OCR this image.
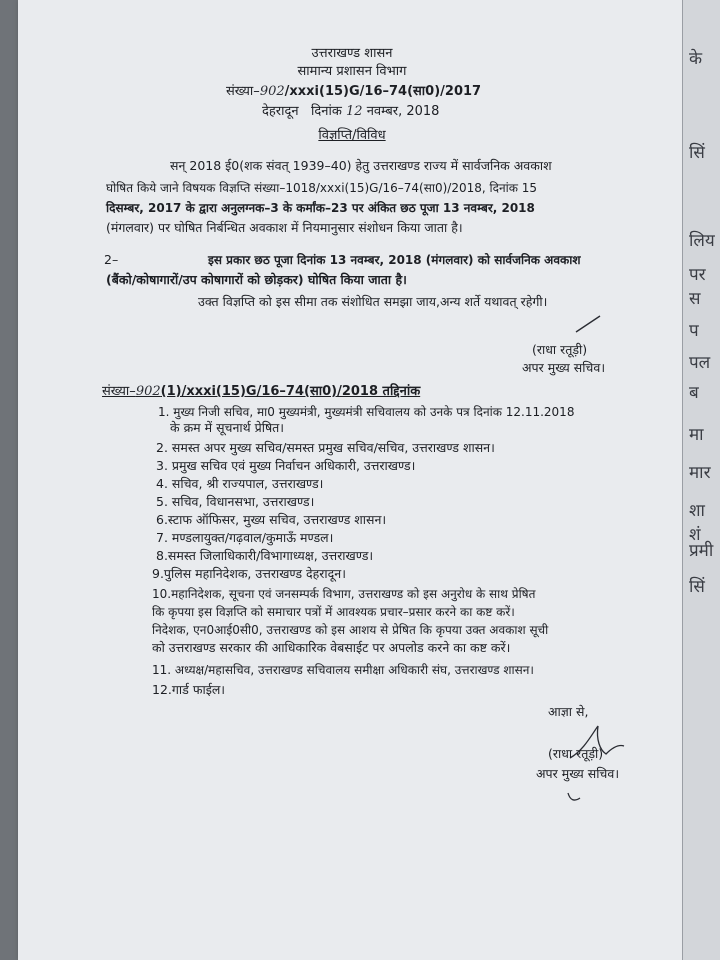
उत्तराखण्ड शासन
सामान्य प्रशासन विभाग
संख्या–902/xxxi(15)G/16–74(सा0)/2017
देहरादून दिनांक 12 नवम्बर, 2018
विज्ञप्ति/विविध
सन् 2018 ई0(शक संवत् 1939–40) हेतु उत्तराखण्ड राज्य में सार्वजनिक अवकाश
घोषित किये जाने विषयक विज्ञप्ति संख्या–1018/xxxi(15)G/16–74(सा0)/2018, दिनांक 15
दिसम्बर, 2017 के द्वारा अनुलग्नक–3 के कर्मांक–23 पर अंकित छठ पूजा 13 नवम्बर, 2018
(मंगलवार) पर घोषित निर्बन्धित अवकाश में नियमानुसार संशोधन किया जाता है।
2–	इस प्रकार छठ पूजा दिनांक 13 नवम्बर, 2018 (मंगलवार) को सार्वजनिक अवकाश
(बैंको/कोषागारों/उप कोषागारों को छोड़कर) घोषित किया जाता है।
उक्त विज्ञप्ति को इस सीमा तक संशोधित समझा जाय,अन्य शर्ते यथावत् रहेगी।
(राधा रतूड़ी)
अपर मुख्य सचिव।
संख्या–902(1)/xxxi(15)G/16–74(सा0)/2018 तद्दिनांक
1. मुख्य निजी सचिव, मा0 मुख्यमंत्री, मुख्यमंत्री सचिवालय को उनके पत्र दिनांक 12.11.2018
के क्रम में सूचनार्थ प्रेषित।
2. समस्त अपर मुख्य सचिव/समस्त प्रमुख सचिव/सचिव, उत्तराखण्ड शासन।
3. प्रमुख सचिव एवं मुख्य निर्वाचन अधिकारी, उत्तराखण्ड।
4. सचिव, श्री राज्यपाल, उत्तराखण्ड।
5. सचिव, विधानसभा, उत्तराखण्ड।
6.स्टाफ ऑफिसर, मुख्य सचिव, उत्तराखण्ड शासन।
7. मण्डलायुक्त/गढ़वाल/कुमाऊँ मण्डल।
8.समस्त जिलाधिकारी/विभागाध्यक्ष, उत्तराखण्ड।
9.पुलिस महानिदेशक, उत्तराखण्ड देहरादून।
10.महानिदेशक, सूचना एवं जनसम्पर्क विभाग, उत्तराखण्ड को इस अनुरोध के साथ प्रेषित
कि कृपया इस विज्ञप्ति को समाचार पत्रों में आवश्यक प्रचार–प्रसार करने का कष्ट करें।
निदेशक, एन0आई0सी0, उत्तराखण्ड को इस आशय से प्रेषित कि कृपया उक्त अवकाश सूची
को उत्तराखण्ड सरकार की आधिकारिक वेबसाईट पर अपलोड करने का कष्ट करें।
11. अध्यक्ष/महासचिव, उत्तराखण्ड सचिवालय समीक्षा अधिकारी संघ, उत्तराखण्ड शासन।
12.गार्ड फाईल।
आज्ञा से,
(राधा रतूड़ी)
अपर मुख्य सचिव।
के
सिं
लिय
पर
स
प
पल
ब
मा
मार
शा
शं
प्रमी
सिं
